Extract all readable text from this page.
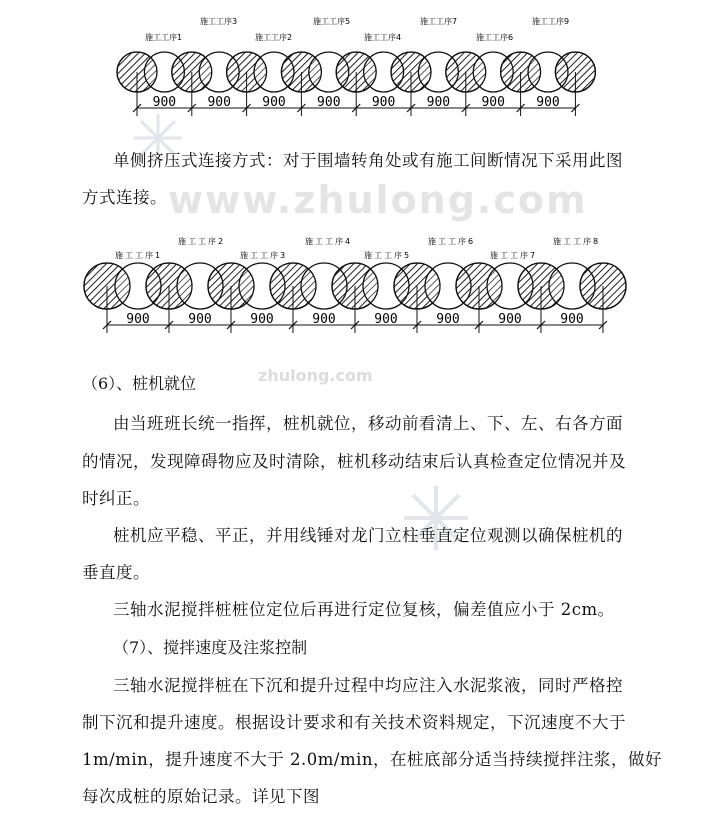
www.zhulong.com
zhulong.com
施工工序3	施工工序5	施工工序7	施工工序9
施工工序1	施工工序2	施工工序4	施工工序6
900 900 900 900 900 900 900 900
单侧挤压式连接方式：对于围墙转角处或有施工间断情况下采用此图
方式连接。
施工工序2	施工工序4	施工工序6	施工工序8
施工工序1	施工工序3	施工工序5	施工工序7
900	900	900	900	900	900	900	900
（6）、桩机就位
由当班班长统一指挥，桩机就位，移动前看清上、下、左、右各方面
的情况，发现障碍物应及时清除，桩机移动结束后认真检查定位情况并及
时纠正。
桩机应平稳、平正，并用线锤对龙门立柱垂直定位观测以确保桩机的
垂直度。
三轴水泥搅拌桩桩位定位后再进行定位复核，偏差值应小于 2cm。
（7）、搅拌速度及注浆控制
三轴水泥搅拌桩在下沉和提升过程中均应注入水泥浆液，同时严格控
制下沉和提升速度。根据设计要求和有关技术资料规定，下沉速度不大于
1m/min，提升速度不大于 2.0m/min，在桩底部分适当持续搅拌注浆，做好
每次成桩的原始记录。详见下图
